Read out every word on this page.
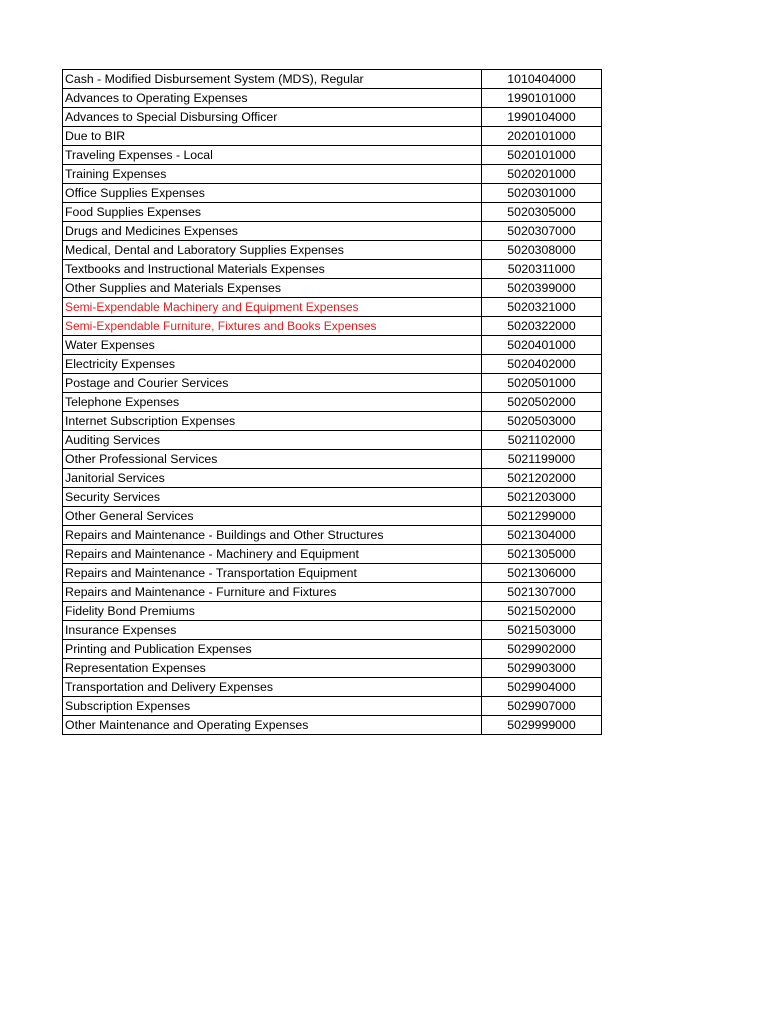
Cash - Modified Disbursement System (MDS), Regular	1010404000
Advances to Operating Expenses	1990101000
Advances to Special Disbursing Officer	1990104000
Due to BIR	2020101000
Traveling Expenses - Local	5020101000
Training Expenses	5020201000
Office Supplies Expenses	5020301000
Food Supplies Expenses	5020305000
Drugs and Medicines Expenses	5020307000
Medical, Dental and Laboratory Supplies Expenses	5020308000
Textbooks and Instructional Materials Expenses	5020311000
Other Supplies and Materials Expenses	5020399000
Semi-Expendable Machinery and Equipment Expenses	5020321000
Semi-Expendable Furniture, Fixtures and Books Expenses	5020322000
Water Expenses	5020401000
Electricity Expenses	5020402000
Postage and Courier Services	5020501000
Telephone Expenses	5020502000
Internet Subscription Expenses	5020503000
Auditing Services	5021102000
Other Professional Services	5021199000
Janitorial Services	5021202000
Security Services	5021203000
Other General Services	5021299000
Repairs and Maintenance - Buildings and Other Structures	5021304000
Repairs and Maintenance - Machinery and Equipment	5021305000
Repairs and Maintenance - Transportation Equipment	5021306000
Repairs and Maintenance - Furniture and Fixtures	5021307000
Fidelity Bond Premiums	5021502000
Insurance Expenses	5021503000
Printing and Publication Expenses	5029902000
Representation Expenses	5029903000
Transportation and Delivery Expenses	5029904000
Subscription Expenses	5029907000
Other Maintenance and Operating Expenses	5029999000
